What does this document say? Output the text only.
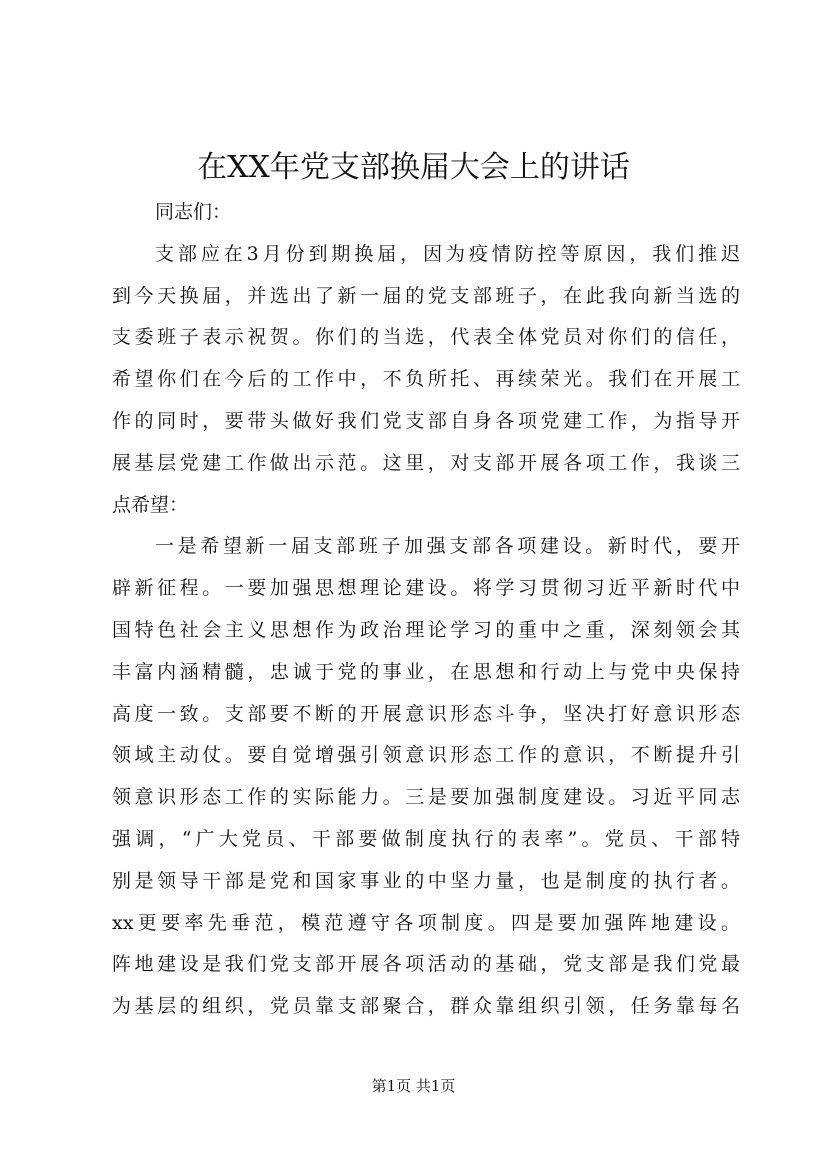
在XX年党支部换届大会上的讲话
同志们：
支部应在3月份到期换届，因为疫情防控等原因，我们推迟
到今天换届，并选出了新一届的党支部班子，在此我向新当选的
支委班子表示祝贺。你们的当选，代表全体党员对你们的信任，
希望你们在今后的工作中，不负所托、再续荣光。我们在开展工
作的同时，要带头做好我们党支部自身各项党建工作，为指导开
展基层党建工作做出示范。这里，对支部开展各项工作，我谈三
点希望：
一是希望新一届支部班子加强支部各项建设。新时代，要开
辟新征程。一要加强思想理论建设。将学习贯彻习近平新时代中
国特色社会主义思想作为政治理论学习的重中之重，深刻领会其
丰富内涵精髓，忠诚于党的事业，在思想和行动上与党中央保持
高度一致。支部要不断的开展意识形态斗争，坚决打好意识形态
领域主动仗。要自觉增强引领意识形态工作的意识，不断提升引
领意识形态工作的实际能力。三是要加强制度建设。习近平同志
强调，“广大党员、干部要做制度执行的表率”。党员、干部特
别是领导干部是党和国家事业的中坚力量，也是制度的执行者。
xx更要率先垂范，模范遵守各项制度。四是要加强阵地建设。
阵地建设是我们党支部开展各项活动的基础，党支部是我们党最
为基层的组织，党员靠支部聚合，群众靠组织引领，任务靠每名
第1页 共1页
